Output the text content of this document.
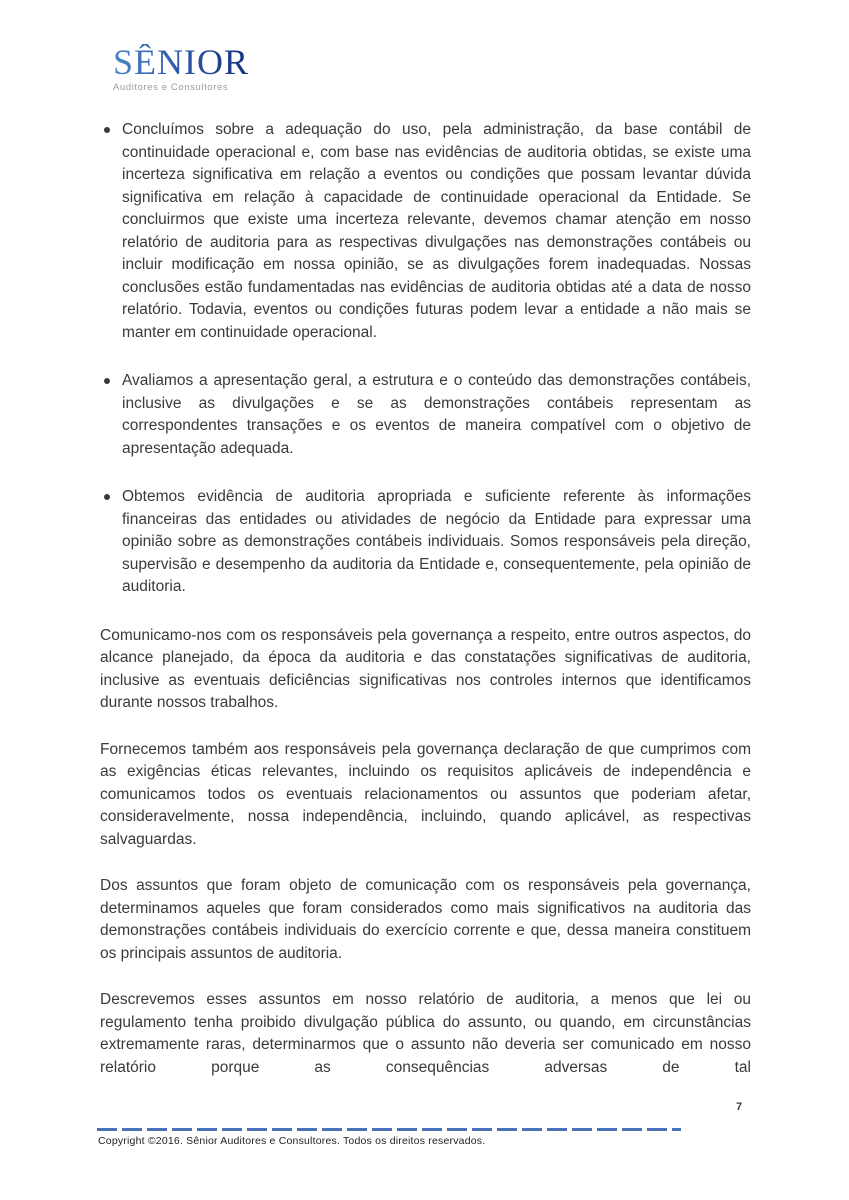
SÊNIOR
Auditores e Consultores
Concluímos sobre a adequação do uso, pela administração, da base contábil de continuidade operacional e, com base nas evidências de auditoria obtidas, se existe uma incerteza significativa em relação a eventos ou condições que possam levantar dúvida significativa em relação à capacidade de continuidade operacional da Entidade. Se concluirmos que existe uma incerteza relevante, devemos chamar atenção em nosso relatório de auditoria para as respectivas divulgações nas demonstrações contábeis ou incluir modificação em nossa opinião, se as divulgações forem inadequadas. Nossas conclusões estão fundamentadas nas evidências de auditoria obtidas até a data de nosso relatório. Todavia, eventos ou condições futuras podem levar a entidade a não mais se manter em continuidade operacional.
Avaliamos a apresentação geral, a estrutura e o conteúdo das demonstrações contábeis, inclusive as divulgações e se as demonstrações contábeis representam as correspondentes transações e os eventos de maneira compatível com o objetivo de apresentação adequada.
Obtemos evidência de auditoria apropriada e suficiente referente às informações financeiras das entidades ou atividades de negócio da Entidade para expressar uma opinião sobre as demonstrações contábeis individuais. Somos responsáveis pela direção, supervisão e desempenho da auditoria da Entidade e, consequentemente, pela opinião de auditoria.

Comunicamo-nos com os responsáveis pela governança a respeito, entre outros aspectos, do alcance planejado, da época da auditoria e das constatações significativas de auditoria, inclusive as eventuais deficiências significativas nos controles internos que identificamos durante nossos trabalhos.

Fornecemos também aos responsáveis pela governança declaração de que cumprimos com as exigências éticas relevantes, incluindo os requisitos aplicáveis de independência e comunicamos todos os eventuais relacionamentos ou assuntos que poderiam afetar, consideravelmente, nossa independência, incluindo, quando aplicável, as respectivas salvaguardas.

Dos assuntos que foram objeto de comunicação com os responsáveis pela governança, determinamos aqueles que foram considerados como mais significativos na auditoria das demonstrações contábeis individuais do exercício corrente e que, dessa maneira constituem os principais assuntos de auditoria.

Descrevemos esses assuntos em nosso relatório de auditoria, a menos que lei ou regulamento tenha proibido divulgação pública do assunto, ou quando, em circunstâncias extremamente raras, determinarmos que o assunto não deveria ser comunicado em nosso relatório porque as consequências adversas de tal

7
Copyright ©2016. Sênior Auditores e Consultores. Todos os direitos reservados.
